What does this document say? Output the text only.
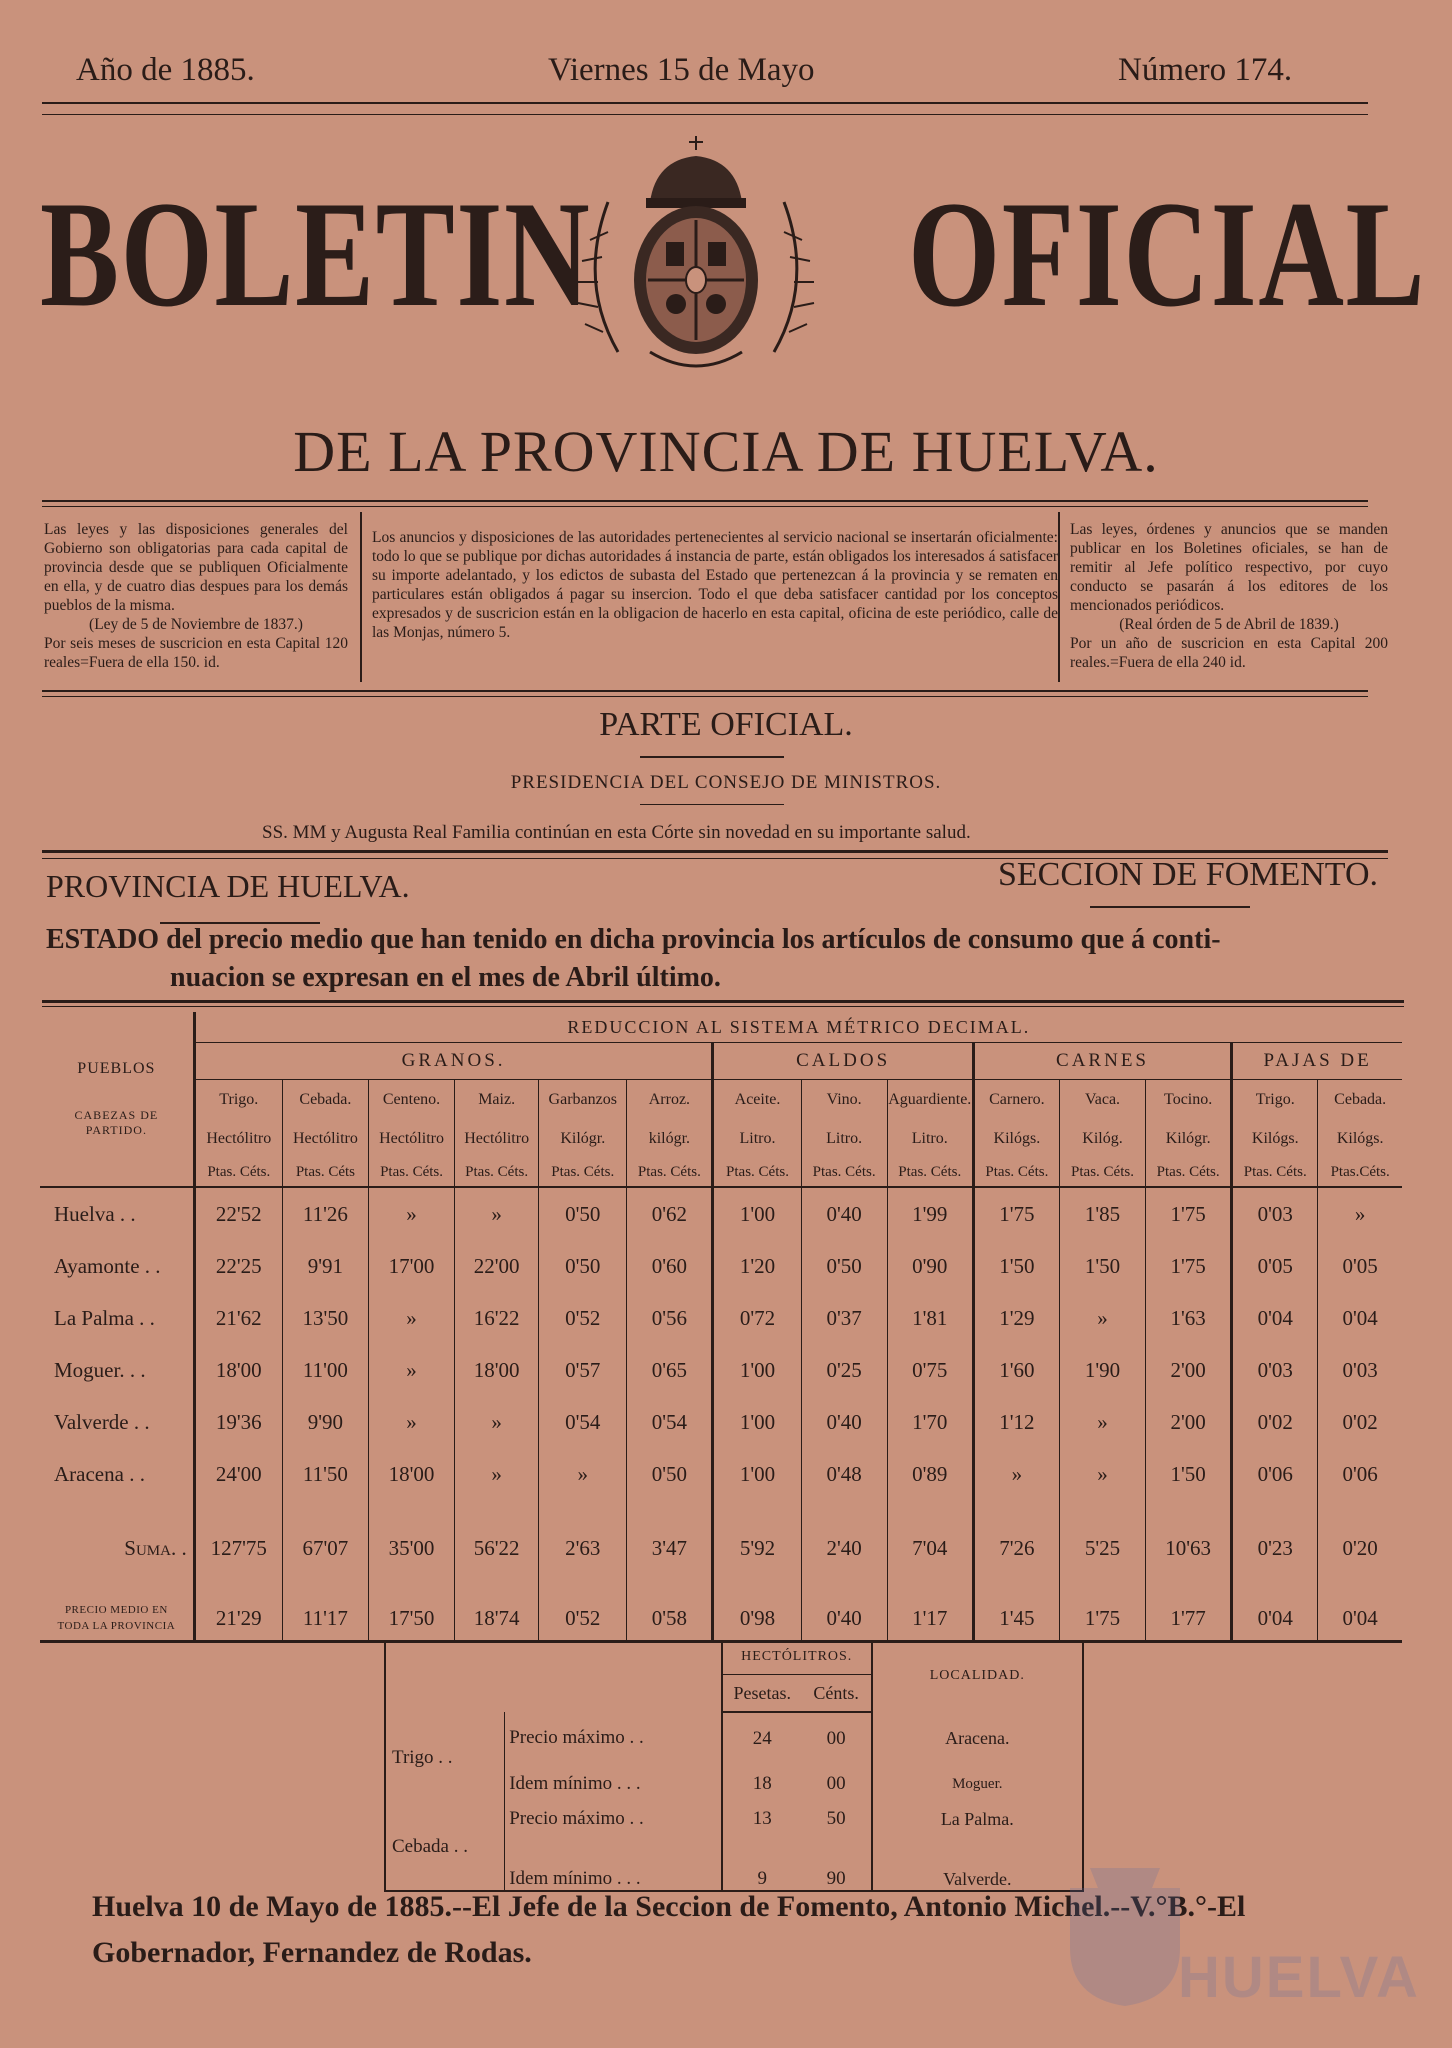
Año de 1885.	Viernes 15 de Mayo	Número 174.
BOLETIN OFICIAL
DE LA PROVINCIA DE HUELVA.
Las leyes y las disposiciones generales del Gobierno son obligatorias para cada capital de provincia desde que se publiquen Oficialmente en ella, y de cuatro dias despues para los demás pueblos de la misma.
(Ley de 5 de Noviembre de 1837.)
Por seis meses de suscricion en esta Capital 120 reales=Fuera de ella 150. id.
Los anuncios y disposiciones de las autoridades pertenecientes al servicio nacional se insertarán oficialmente: todo lo que se publique por dichas autoridades á instancia de parte, están obligados los interesados á satisfacer su importe adelantado, y los edictos de subasta del Estado que pertenezcan á la provincia y se rematen en particulares están obligados á pagar su insercion. Todo el que deba satisfacer cantidad por los conceptos expresados y de suscricion están en la obligacion de hacerlo en esta capital, oficina de este periódico, calle de las Monjas, número 5.
Las leyes, órdenes y anuncios que se manden publicar en los Boletines oficiales, se han de remitir al Jefe político respectivo, por cuyo conducto se pasarán á los editores de los mencionados periódicos.
(Real órden de 5 de Abril de 1839.)
Por un año de suscricion en esta Capital 200 reales.=Fuera de ella 240 id.
PARTE OFICIAL.
PRESIDENCIA DEL CONSEJO DE MINISTROS.
SS. MM y Augusta Real Familia continúan en esta Córte sin novedad en su importante salud.
PROVINCIA DE HUELVA.	SECCION DE FOMENTO.
ESTADO del precio medio que han tenido en dicha provincia los artículos de consumo que á conti-
nuacion se expresan en el mes de Abril último.
PUEBLOS
CABEZAS DE PARTIDO.	REDUCCION AL SISTEMA MÉTRICO DECIMAL.													
	GRANOS.						CALDOS			CARNES			PAJAS DE	
	Trigo.	Cebada.	Centeno.	Maiz.	Garbanzos	Arroz.	Aceite.	Vino.	Aguardiente.	Carnero.	Vaca.	Tocino.	Trigo.	Cebada.
	Hectólitro	Hectólitro	Hectólitro	Hectólitro	Kilógr.	kilógr.	Litro.	Litro.	Litro.	Kilógs.	Kilóg.	Kilógr.	Kilógs.	Kilógs.
	Ptas. Céts.	Ptas. Céts	Ptas. Céts.	Ptas. Céts.	Ptas. Céts.	Ptas. Céts.	Ptas. Céts.	Ptas. Céts.	Ptas. Céts.	Ptas. Céts.	Ptas. Céts.	Ptas. Céts.	Ptas. Céts.	Ptas.Céts.
Huelva . .	22'52	11'26	»	»	0'50	0'62	1'00	0'40	1'99	1'75	1'85	1'75	0'03	»
Ayamonte . .	22'25	9'91	17'00	22'00	0'50	0'60	1'20	0'50	0'90	1'50	1'50	1'75	0'05	0'05
La Palma . .	21'62	13'50	»	16'22	0'52	0'56	0'72	0'37	1'81	1'29	»	1'63	0'04	0'04
Moguer. . .	18'00	11'00	»	18'00	0'57	0'65	1'00	0'25	0'75	1'60	1'90	2'00	0'03	0'03
Valverde . .	19'36	9'90	»	»	0'54	0'54	1'00	0'40	1'70	1'12	»	2'00	0'02	0'02
Aracena . .	24'00	11'50	18'00	»	»	0'50	1'00	0'48	0'89	»	»	1'50	0'06	0'06
Suma. .	127'75	67'07	35'00	56'22	2'63	3'47	5'92	2'40	7'04	7'26	5'25	10'63	0'23	0'20

PRECIO MEDIO EN
TODA LA PROVINCIA	21'29	11'17	17'50	18'74	0'52	0'58	0'98	0'40	1'17	1'45	1'75	1'77	0'04	0'04
		HECTÓLITROS.		LOCALIDAD.
		Pesetas.	Cénts.	
Trigo . .	Precio máximo . .	24	00	Aracena.
	Idem mínimo . . .	18	00	Moguer.
Cebada . .	Precio máximo . .	13	50	La Palma.
	Idem mínimo . . .	9	90	Valverde.
Huelva 10 de Mayo de 1885.--El Jefe de la Seccion de Fomento, Antonio Michel.--V.°B.°-El Gobernador, Fernandez de Rodas.	HUELVA
